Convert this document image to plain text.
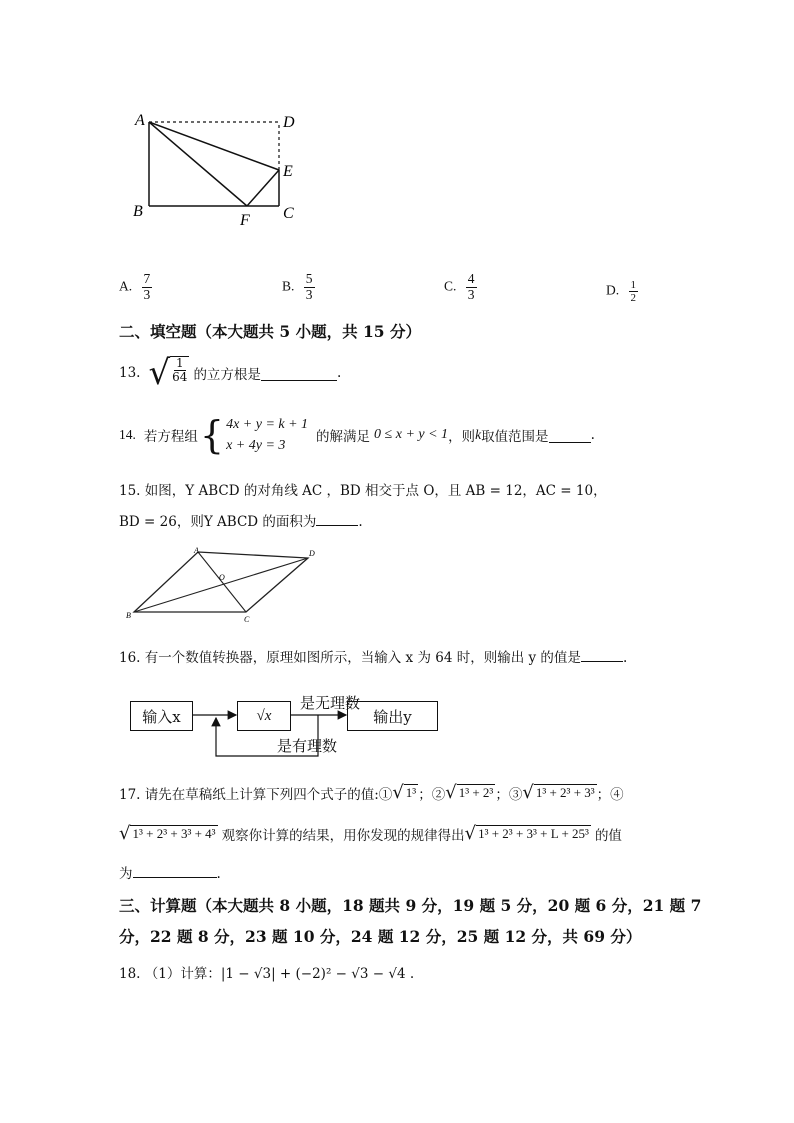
A	D
E
B
F C
A. $\frac{7}{3}$	B. $\frac{5}{3}$	C. $\frac{4}{3}$	D. $\frac{1}{2}$
二、填空题（本大题共 5 小题，共 15 分）
13. √ $\frac{1}{64}$ 的立方根是	.
14. 若方程组 { 4x + y = k + 1
x + 4y = 3
的解满足 0 ≤ x + y < 1 ，则 k 取值范围是	.
15. 如图，Y ABCD 的对角线 AC ，BD 相交于点 O，且 AB = 12，AC = 10，
BD = 26，则Y ABCD 的面积为	.
A	D
O
B	C
16. 有一个数值转换器，原理如图所示，当输入 x 为 64 时，则输出 y 的值是	.
输入x	√x	输出y
是无理数
是有理数
17. 请先在草稿纸上计算下列四个式子的值:① √ 1³ ；② √ 1³ + 2³ ；③ √ 1³ + 2³ + 3³ ；④
√ 1³ + 2³ + 3³ + 4³ 观察你计算的结果，用你发现的规律得出 √ 1³ + 2³ + 3³ + L + 25³ 的值
为	.
三、计算题（本大题共 8 小题，18 题共 9 分，19 题 5 分，20 题 6 分，21 题 7
分，22 题 8 分，23 题 10 分，24 题 12 分，25 题 12 分，共 69 分）
18. （1）计算：|1 − √3| + (−2)² − √3 − √4 .
